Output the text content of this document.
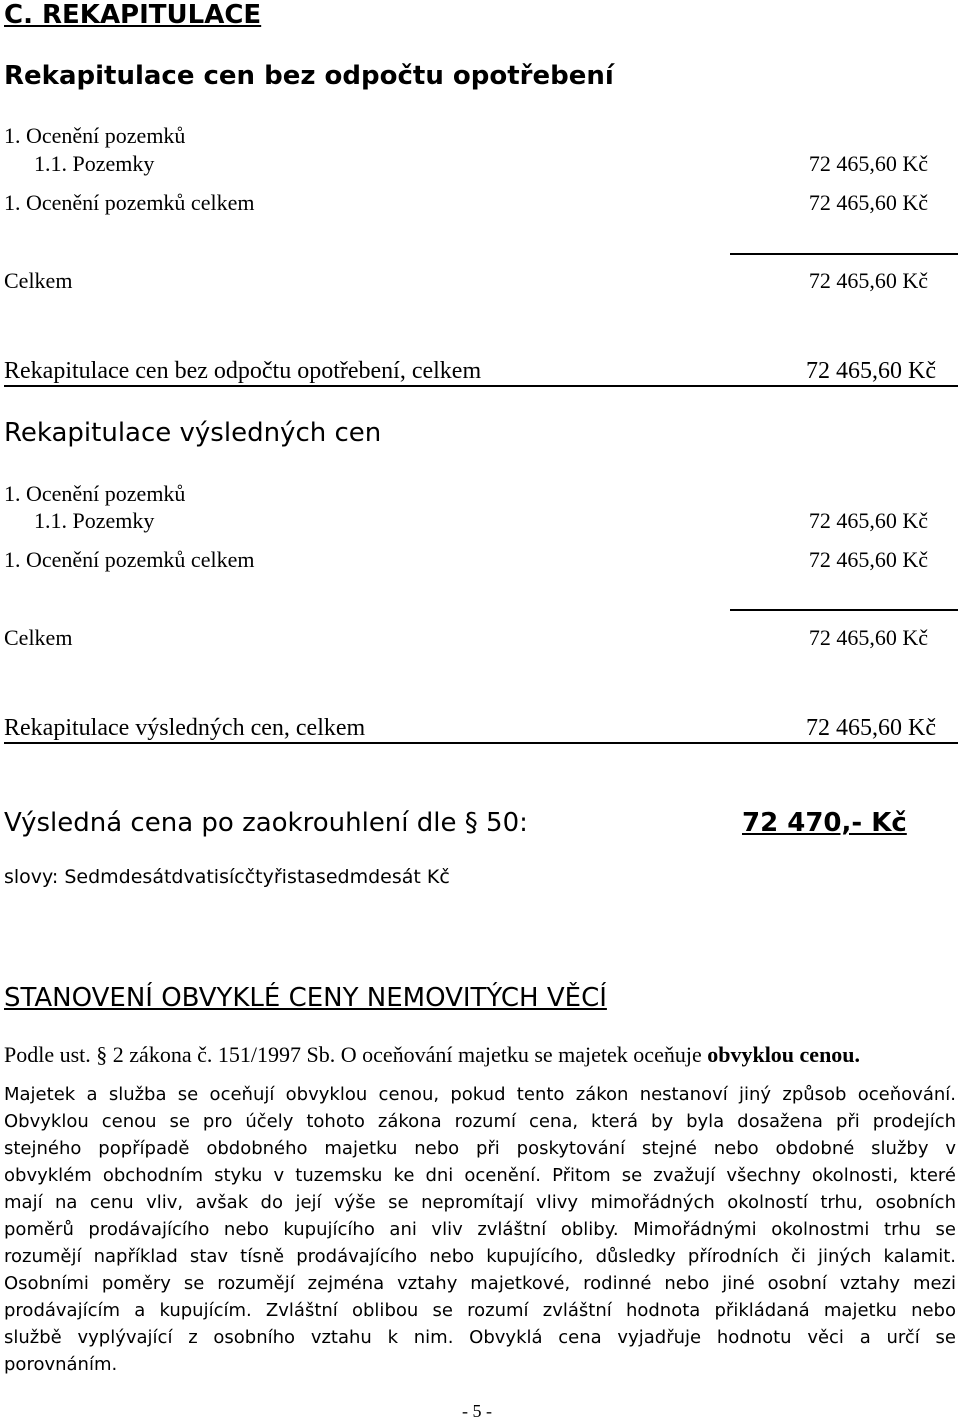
C. REKAPITULACE
Rekapitulace cen bez odpočtu opotřebení
1. Ocenění pozemků
1.1. Pozemky	72 465,60 Kč
1. Ocenění pozemků celkem	72 465,60 Kč
Celkem	72 465,60 Kč
Rekapitulace cen bez odpočtu opotřebení, celkem	72 465,60 Kč
Rekapitulace výsledných cen
1. Ocenění pozemků
1.1. Pozemky	72 465,60 Kč
1. Ocenění pozemků celkem	72 465,60 Kč
Celkem	72 465,60 Kč
Rekapitulace výsledných cen, celkem	72 465,60 Kč
Výsledná cena po zaokrouhlení dle § 50:	72 470,- Kč
slovy: Sedmdesátdvatisícčtyřistasedmdesát Kč
STANOVENÍ OBVYKLÉ CENY NEMOVITÝCH VĚCÍ
Podle ust. § 2 zákona č. 151/1997 Sb. O oceňování majetku se majetek oceňuje obvyklou cenou.
Majetek a služba se oceňují obvyklou cenou, pokud tento zákon nestanoví jiný způsob oceňování.
Obvyklou cenou se pro účely tohoto zákona rozumí cena, která by byla dosažena při prodejích
stejného popřípadě obdobného majetku nebo při poskytování stejné nebo obdobné služby v
obvyklém obchodním styku v tuzemsku ke dni ocenění. Přitom se zvažují všechny okolnosti, které
mají na cenu vliv, avšak do její výše se nepromítají vlivy mimořádných okolností trhu, osobních
poměrů prodávajícího nebo kupujícího ani vliv zvláštní obliby. Mimořádnými okolnostmi trhu se
rozumějí například stav tísně prodávajícího nebo kupujícího, důsledky přírodních či jiných kalamit.
Osobními poměry se rozumějí zejména vztahy majetkové, rodinné nebo jiné osobní vztahy mezi
prodávajícím a kupujícím. Zvláštní oblibou se rozumí zvláštní hodnota přikládaná majetku nebo
službě vyplývající z osobního vztahu k nim. Obvyklá cena vyjadřuje hodnotu věci a určí se
porovnáním.
- 5 -
